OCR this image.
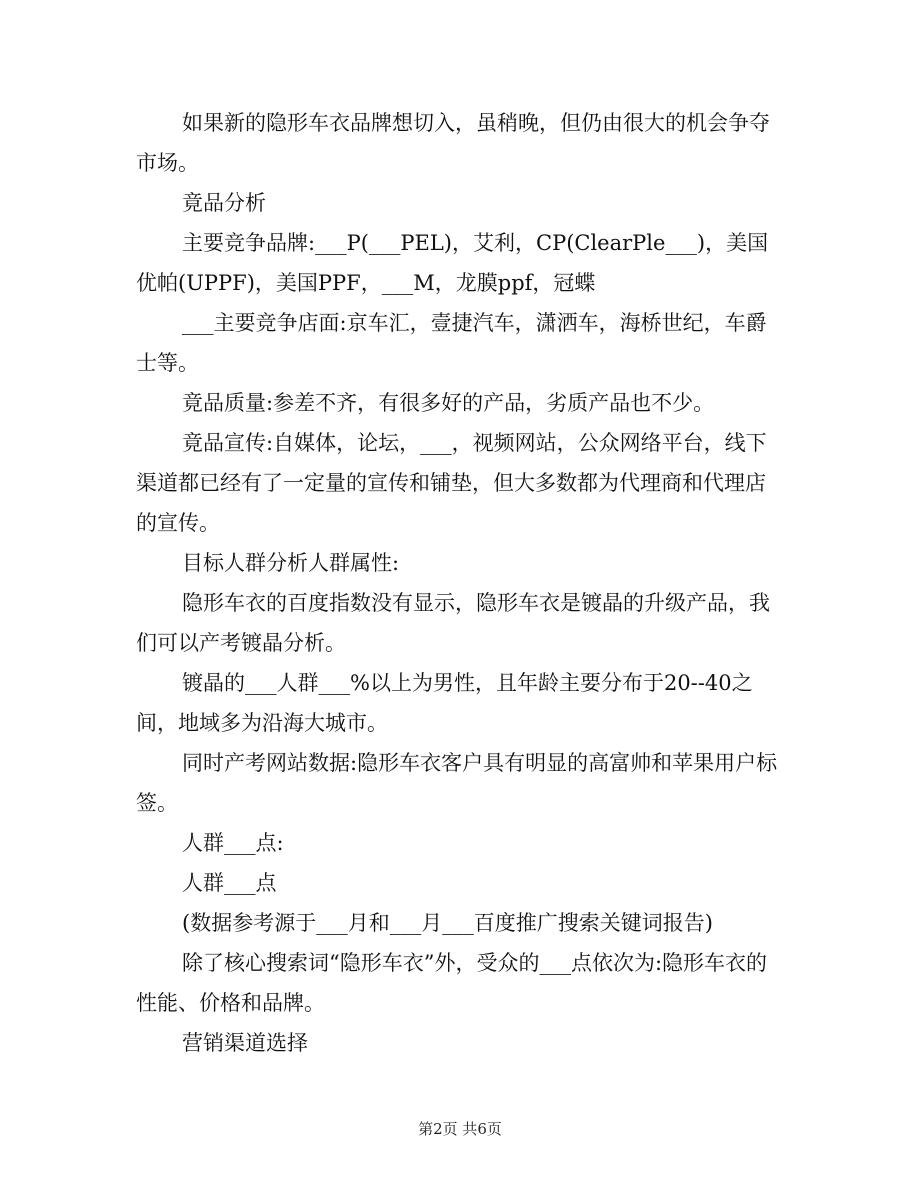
如果新的隐形车衣品牌想切入，虽稍晚，但仍由很大的机会争夺市场。

竟品分析

主要竞争品牌:___P(___PEL)，艾利，CP(ClearPle___)，美国优帕(UPPF)，美国PPF，___M，龙膜ppf，冠蝶

___主要竞争店面:京车汇，壹捷汽车，潇洒车，海桥世纪，车爵士等。

竟品质量:参差不齐，有很多好的产品，劣质产品也不少。

竟品宣传:自媒体，论坛，___，视频网站，公众网络平台，线下渠道都已经有了一定量的宣传和铺垫，但大多数都为代理商和代理店的宣传。

目标人群分析人群属性:

隐形车衣的百度指数没有显示，隐形车衣是镀晶的升级产品，我们可以产考镀晶分析。

镀晶的___人群___%以上为男性，且年龄主要分布于20--40之间，地域多为沿海大城市。

同时产考网站数据:隐形车衣客户具有明显的高富帅和苹果用户标签。

人群___点:

人群___点

(数据参考源于___月和___月___百度推广搜索关键词报告)

除了核心搜索词“隐形车衣”外，受众的___点依次为:隐形车衣的性能、价格和品牌。

营销渠道选择

第2页 共6页
